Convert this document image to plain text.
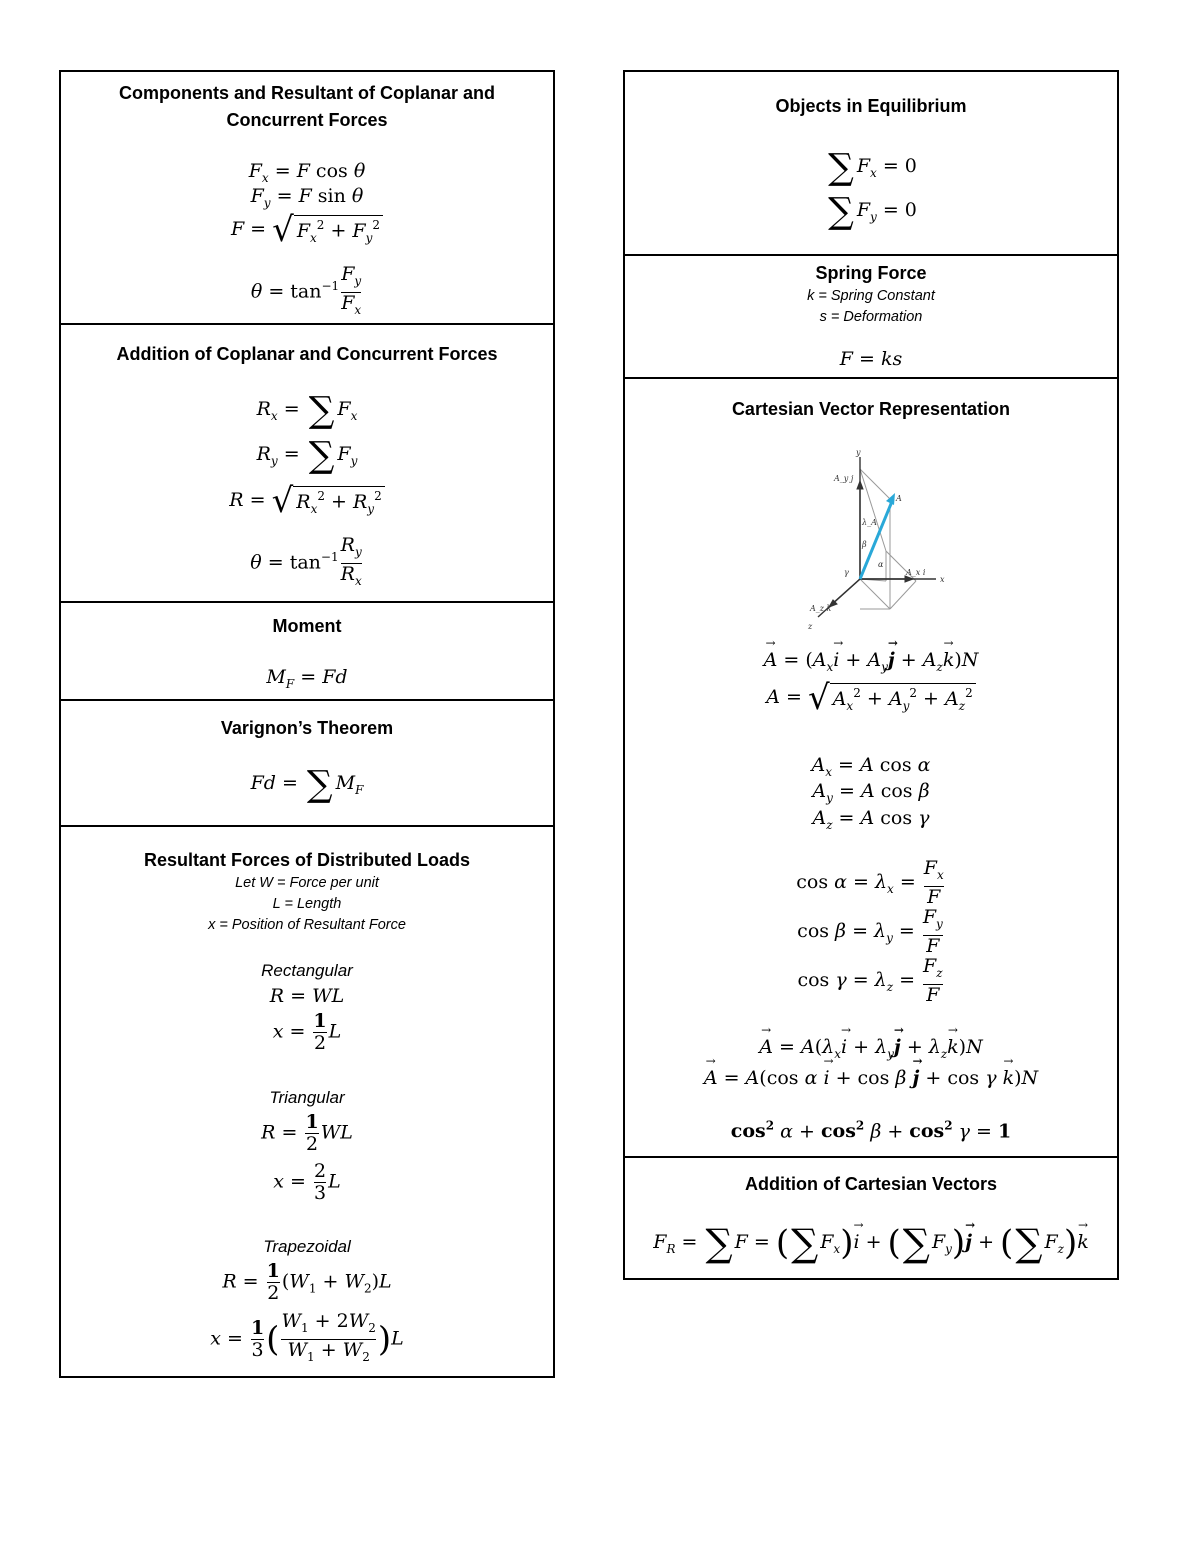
Components and Resultant of Coplanar and
Concurrent Forces
$F_x = F$ cos θ
$F_y = F$ sin θ
F = √ $F_x^2 + F_y^2$
$\theta = \tan^{-1} \frac{F_y}{F_x}$
Addition of Coplanar and Concurrent Forces
$R_x$ = ∑ $F_x$
$R_y$ = ∑ $F_y$
R = √ $R_x^2 + R_y^2$
$\theta = \tan^{-1} \frac{R_y}{R_x}$
Moment
$M_F = Fd$
Varignon’s Theorem
Fd = ∑ $M_F$
Resultant Forces of Distributed Loads
Let W = Force per unit
L = Length
x = Position of Resultant Force
Rectangular
R = WL
$x = \frac{1}{2}$ L
Triangular
$R = \frac{1}{2}$ WL
$x = \frac{2}{3}$ L
Trapezoidal
$R = \frac{1}{2} (W_1 + W_2)L$
$x = \frac{1}{3}$ ( $\frac{W_1 + 2W_2}{W_1 + W_2} )L$
Objects in Equilibrium
∑ $F_x = 0$
∑ $F_y = 0$
Spring Force
k = Spring Constant
s = Deformation
F = ks
Cartesian Vector Representation
y
x
z
A_y j
λ_A
A
β
α
γ	A_x i
A_z k
A → = ($A_xi$ → + $A_yj$ → + $A_zk \to)N$
A = √ $A_x^2 + A_y^2 + A_z^2$
$A_x = A$ cos α
$A_y = A$ cos β
$A_z = A$ cos γ
$\cos \alpha = \lambda_x = \frac{F_x}{F}$
$\cos \beta = \lambda_y = \frac{F_y}{F}$
$\cos \gamma = \lambda_z = \frac{F_z}{F}$
A → = $A(\lambda_xi$ → + $\lambda_yj$ → + $\lambda_zk \to)N$
A → = A(cos α i → + cos β j → + cos γ k →)N
$\cos^2 \alpha + \cos^2 \beta + \cos^2 \gamma = 1$
Addition of Cartesian Vectors
$F_R$ = ∑ F = (∑ $F_x)i$ → + (∑ $F_y)j$ → + (∑ $F_z)k$ →
